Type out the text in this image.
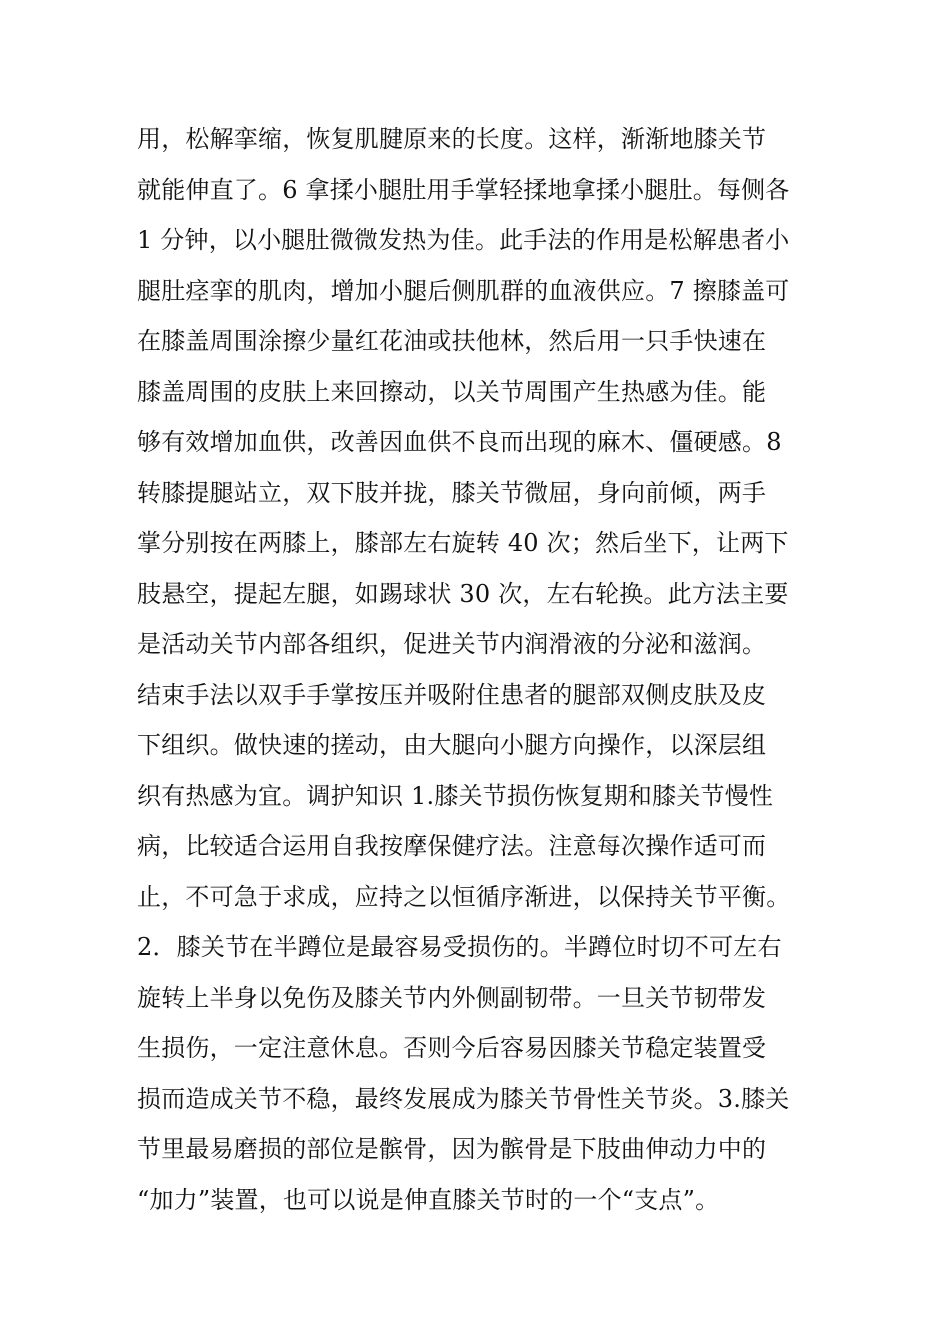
用，松解挛缩，恢复肌腱原来的长度。这样，渐渐地膝关节
就能伸直了。6 拿揉小腿肚用手掌轻揉地拿揉小腿肚。每侧各
1 分钟，以小腿肚微微发热为佳。此手法的作用是松解患者小
腿肚痉挛的肌肉，增加小腿后侧肌群的血液供应。7 擦膝盖可
在膝盖周围涂擦少量红花油或扶他林，然后用一只手快速在
膝盖周围的皮肤上来回擦动，以关节周围产生热感为佳。能
够有效增加血供，改善因血供不良而出现的麻木、僵硬感。8
转膝提腿站立，双下肢并拢，膝关节微屈，身向前倾，两手
掌分别按在两膝上，膝部左右旋转 40 次；然后坐下，让两下
肢悬空，提起左腿，如踢球状 30 次，左右轮换。此方法主要
是活动关节内部各组织，促进关节内润滑液的分泌和滋润。
结束手法以双手手掌按压并吸附住患者的腿部双侧皮肤及皮
下组织。做快速的搓动，由大腿向小腿方向操作，以深层组
织有热感为宜。调护知识 1.膝关节损伤恢复期和膝关节慢性
病，比较适合运用自我按摩保健疗法。注意每次操作适可而
止，不可急于求成，应持之以恒循序渐进，以保持关节平衡。
2．膝关节在半蹲位是最容易受损伤的。半蹲位时切不可左右
旋转上半身以免伤及膝关节内外侧副韧带。一旦关节韧带发
生损伤，一定注意休息。否则今后容易因膝关节稳定装置受
损而造成关节不稳，最终发展成为膝关节骨性关节炎。3.膝关
节里最易磨损的部位是髌骨，因为髌骨是下肢曲伸动力中的
“加力”装置，也可以说是伸直膝关节时的一个“支点”。
